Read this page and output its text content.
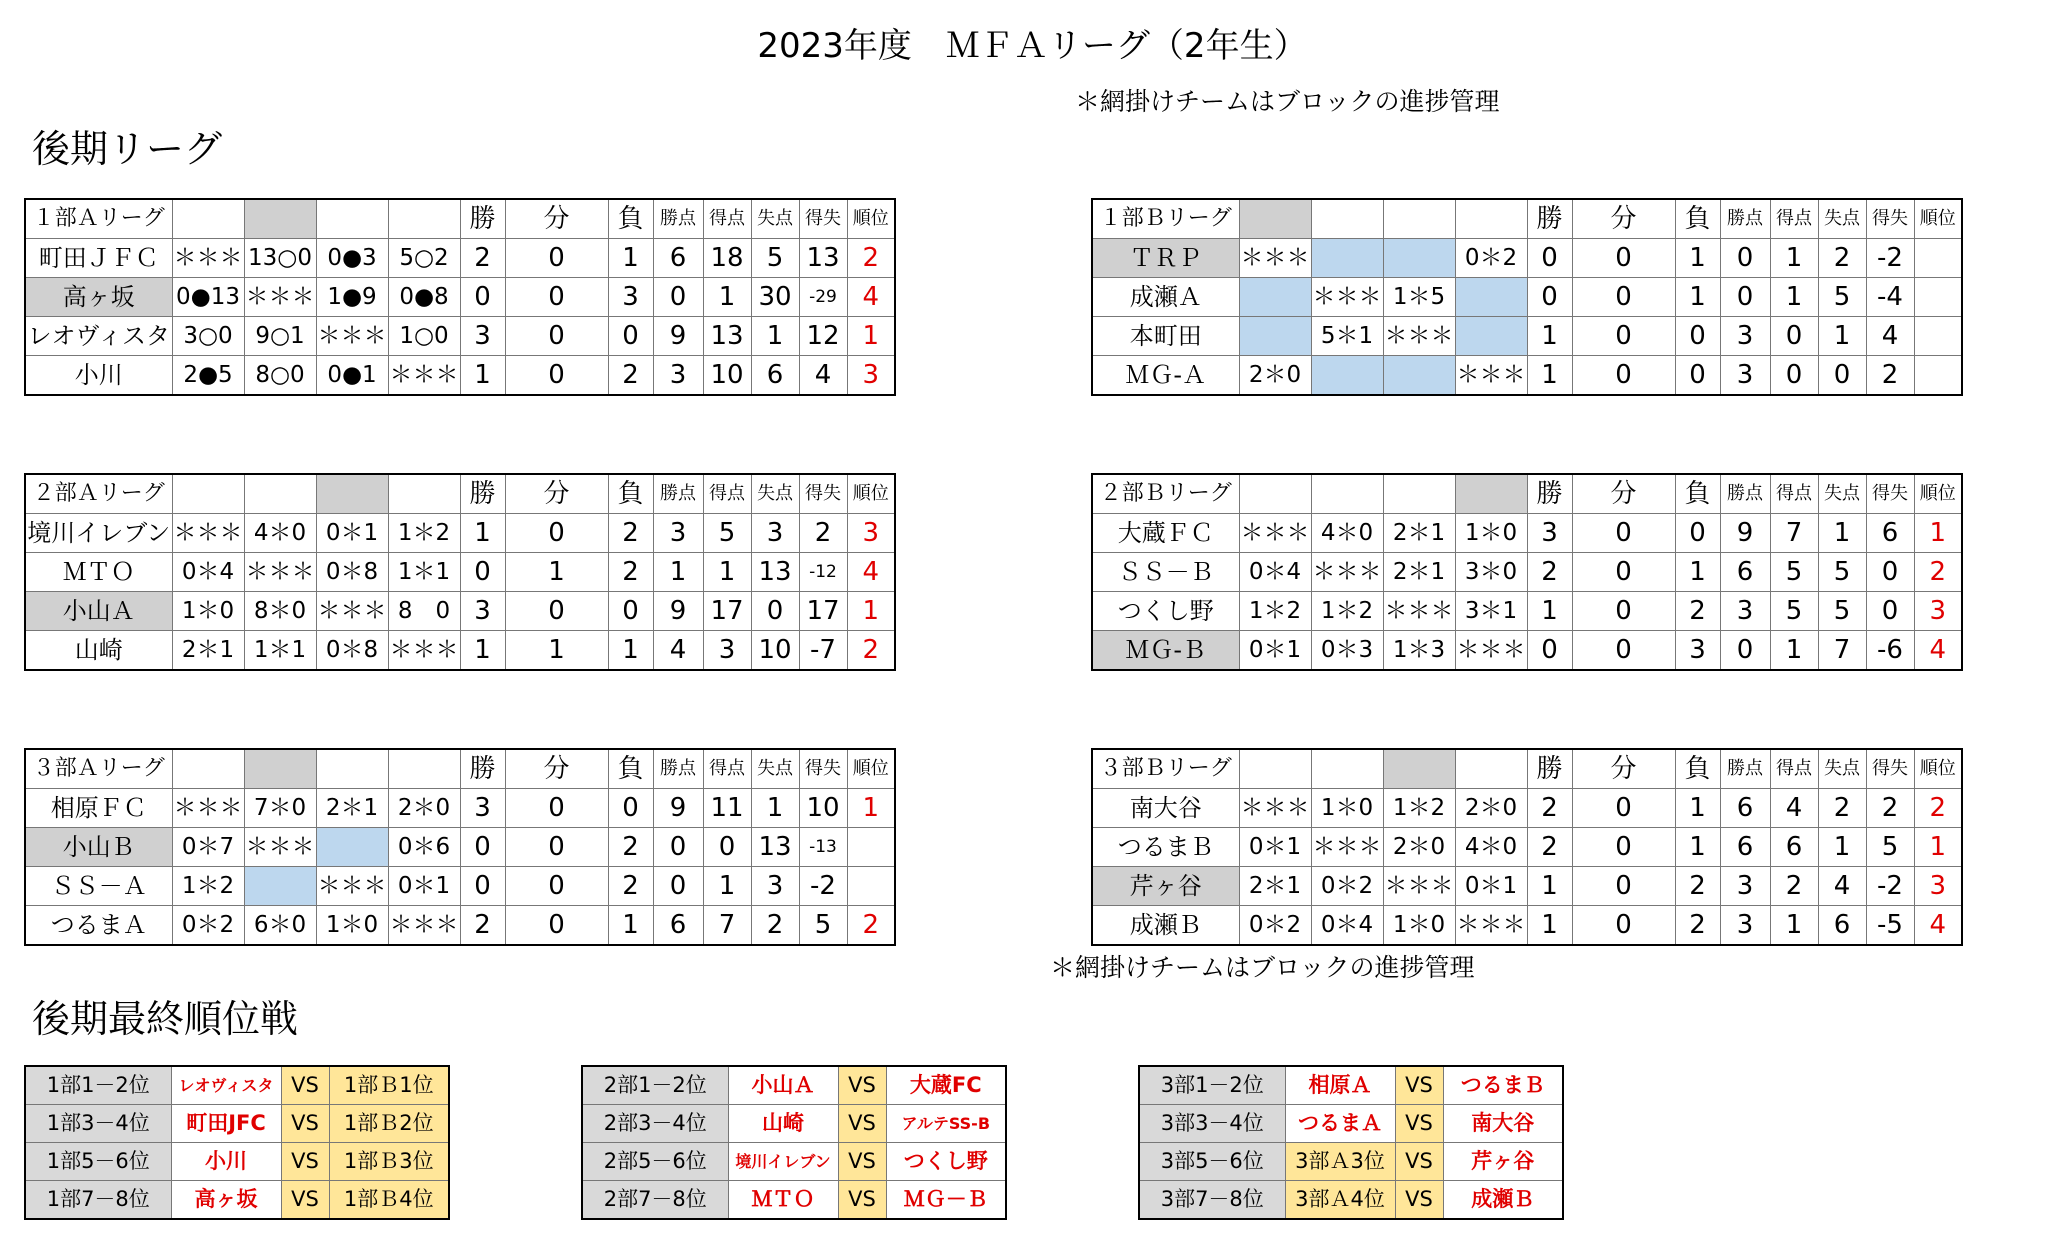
2023年度　ＭＦＡリーグ（2年生）
＊網掛けチームはブロックの進捗管理
後期リーグ
＊網掛けチームはブロックの進捗管理
後期最終順位戦
１部Ａリーグ					勝	分	負	勝点	得点	失点	得失	順位
町田ＪＦＣ	＊＊＊	13○0	0●3	5○2	2	0	1	6	18	5	13	2
高ヶ坂	0●13	＊＊＊	1●9	0●8	0	0	3	0	1	30	-29	4
レオヴィスタ	3○0	9○1	＊＊＊	1○0	3	0	0	9	13	1	12	1
小川	2●5	8○0	0●1	＊＊＊	1	0	2	3	10	6	4	3
１部Ｂリーグ					勝	分	負	勝点	得点	失点	得失	順位
ＴＲＰ	＊＊＊			0＊2	0	0	1	0	1	2	-2	
成瀬Ａ		＊＊＊	1＊5		0	0	1	0	1	5	-4	
本町田		5＊1	＊＊＊		1	0	0	3	0	1	4	
ＭＧ-Ａ	2＊0			＊＊＊	1	0	0	3	0	0	2	
２部Ａリーグ					勝	分	負	勝点	得点	失点	得失	順位
境川イレブン	＊＊＊	4＊0	0＊1	1＊2	1	0	2	3	5	3	2	3
ＭＴＯ	0＊4	＊＊＊	0＊8	1＊1	0	1	2	1	1	13	-12	4
小山Ａ	1＊0	8＊0	＊＊＊	8　0	3	0	0	9	17	0	17	1
山崎	2＊1	1＊1	0＊8	＊＊＊	1	1	1	4	3	10	-7	2
２部Ｂリーグ					勝	分	負	勝点	得点	失点	得失	順位
大蔵ＦＣ	＊＊＊	4＊0	2＊1	1＊0	3	0	0	9	7	1	6	1
ＳＳ－Ｂ	0＊4	＊＊＊	2＊1	3＊0	2	0	1	6	5	5	0	2
つくし野	1＊2	1＊2	＊＊＊	3＊1	1	0	2	3	5	5	0	3
ＭＧ-Ｂ	0＊1	0＊3	1＊3	＊＊＊	0	0	3	0	1	7	-6	4
３部Ａリーグ					勝	分	負	勝点	得点	失点	得失	順位
相原ＦＣ	＊＊＊	7＊0	2＊1	2＊0	3	0	0	9	11	1	10	1
小山Ｂ	0＊7	＊＊＊		0＊6	0	0	2	0	0	13	-13	
ＳＳ－Ａ	1＊2		＊＊＊	0＊1	0	0	2	0	1	3	-2	
つるまＡ	0＊2	6＊0	1＊0	＊＊＊	2	0	1	6	7	2	5	2
３部Ｂリーグ					勝	分	負	勝点	得点	失点	得失	順位
南大谷	＊＊＊	1＊0	1＊2	2＊0	2	0	1	6	4	2	2	2
つるまＢ	0＊1	＊＊＊	2＊0	4＊0	2	0	1	6	6	1	5	1
芹ヶ谷	2＊1	0＊2	＊＊＊	0＊1	1	0	2	3	2	4	-2	3
成瀬Ｂ	0＊2	0＊4	1＊0	＊＊＊	1	0	2	3	1	6	-5	4
1部1－2位	レオヴィスタ	VS	1部Ｂ1位
1部3－4位	町田JFC	VS	1部Ｂ2位
1部5－6位	小川	VS	1部Ｂ3位
1部7－8位	高ヶ坂	VS	1部Ｂ4位
2部1－2位	小山Ａ	VS	大蔵FC
2部3－4位	山崎	VS	アルテSS-B
2部5－6位	境川イレブン	VS	つくし野
2部7－8位	ＭＴＯ	VS	ＭＧ－Ｂ
3部1－2位	相原Ａ	VS	つるまＢ
3部3－4位	つるまＡ	VS	南大谷
3部5－6位	3部Ａ3位	VS	芹ヶ谷
3部7－8位	3部Ａ4位	VS	成瀬Ｂ
